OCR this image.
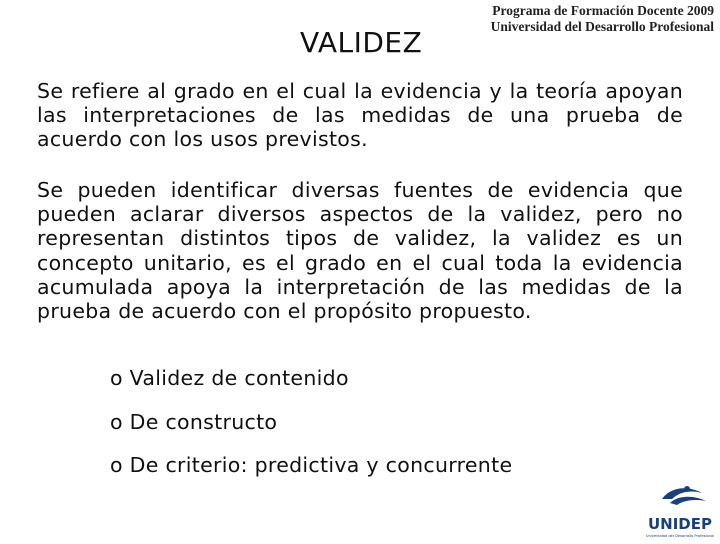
VALIDEZ
Programa de Formación Docente 2009
Universidad del Desarrollo Profesional
Se refiere al grado en el cual la evidencia y la teoría apoyan las interpretaciones de las medidas de una prueba de acuerdo con los usos previstos.
Se pueden identificar diversas fuentes de evidencia que pueden aclarar diversos aspectos de la validez, pero no representan distintos tipos de validez, la validez es un concepto unitario, es el grado en el cual toda la evidencia acumulada apoya la interpretación de las medidas de la prueba de acuerdo con el propósito propuesto.
o Validez de contenido
o De constructo
o De criterio: predictiva y concurrente
UNIDEP
Universidad del Desarrollo Profesional
